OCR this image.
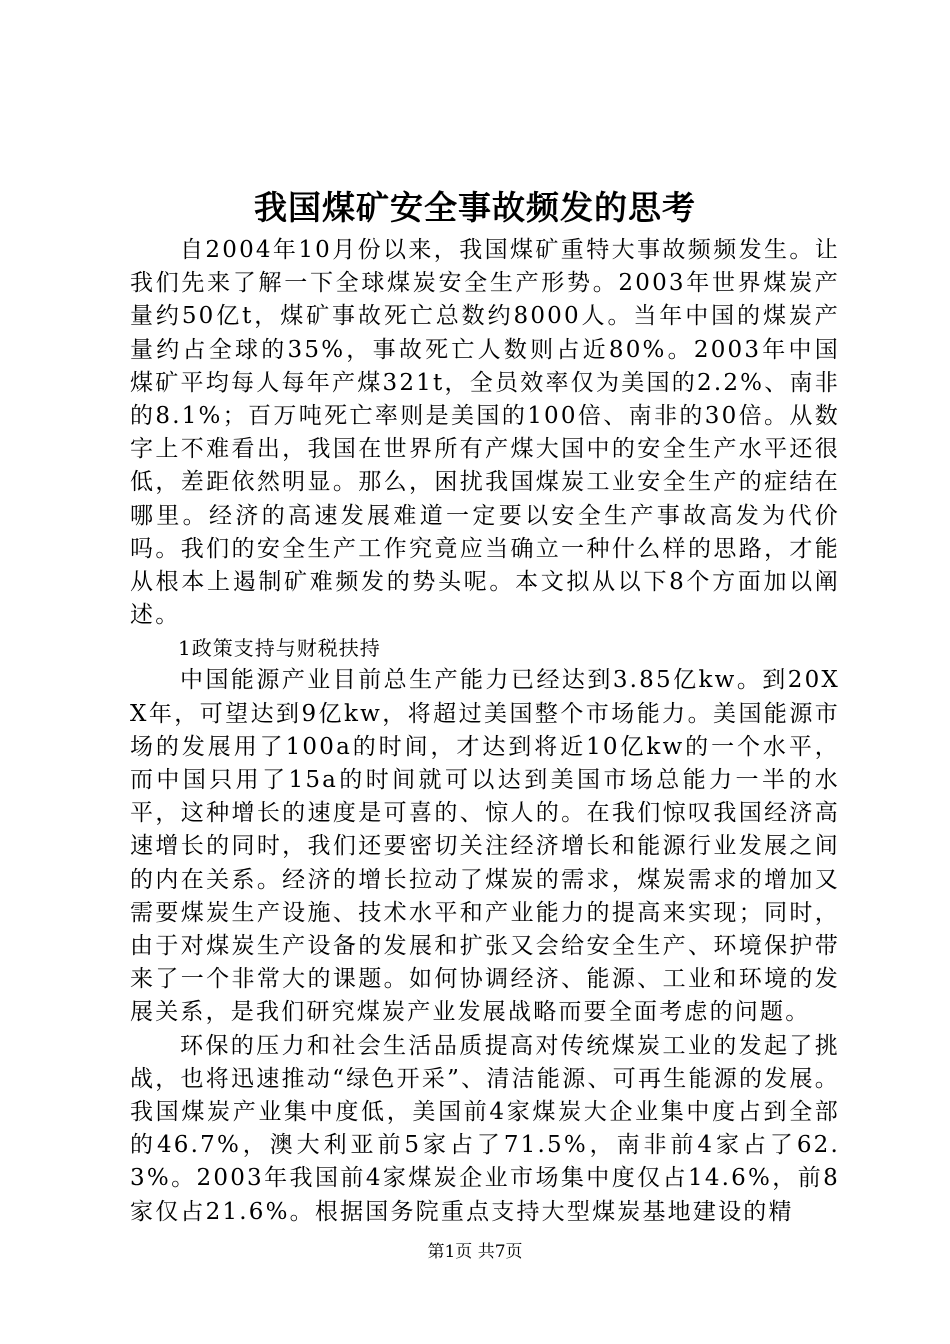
我国煤矿安全事故频发的思考

自2004年10月份以来，我国煤矿重特大事故频频发生。让我们先来了解一下全球煤炭安全生产形势。2003年世界煤炭产量约50亿t，煤矿事故死亡总数约8000人。当年中国的煤炭产量约占全球的35%，事故死亡人数则占近80%。2003年中国煤矿平均每人每年产煤321t，全员效率仅为美国的2.2%、南非的8.1%；百万吨死亡率则是美国的100倍、南非的30倍。从数字上不难看出，我国在世界所有产煤大国中的安全生产水平还很低，差距依然明显。那么，困扰我国煤炭工业安全生产的症结在哪里。经济的高速发展难道一定要以安全生产事故高发为代价吗。我们的安全生产工作究竟应当确立一种什么样的思路，才能从根本上遏制矿难频发的势头呢。本文拟从以下8个方面加以阐述。

1政策支持与财税扶持

中国能源产业目前总生产能力已经达到3.85亿kw。到20XX年，可望达到9亿kw，将超过美国整个市场能力。美国能源市场的发展用了100a的时间，才达到将近10亿kw的一个水平，而中国只用了15a的时间就可以达到美国市场总能力一半的水平，这种增长的速度是可喜的、惊人的。在我们惊叹我国经济高速增长的同时，我们还要密切关注经济增长和能源行业发展之间的内在关系。经济的增长拉动了煤炭的需求，煤炭需求的增加又需要煤炭生产设施、技术水平和产业能力的提高来实现；同时，由于对煤炭生产设备的发展和扩张又会给安全生产、环境保护带来了一个非常大的课题。如何协调经济、能源、工业和环境的发展关系，是我们研究煤炭产业发展战略而要全面考虑的问题。

环保的压力和社会生活品质提高对传统煤炭工业的发起了挑战，也将迅速推动“绿色开采”、清洁能源、可再生能源的发展。我国煤炭产业集中度低，美国前4家煤炭大企业集中度占到全部的46.7%，澳大利亚前5家占了71.5%，南非前4家占了62.3%。2003年我国前4家煤炭企业市场集中度仅占14.6%，前8家仅占21.6%。根据国务院重点支持大型煤炭基地建设的精

第1页 共7页
